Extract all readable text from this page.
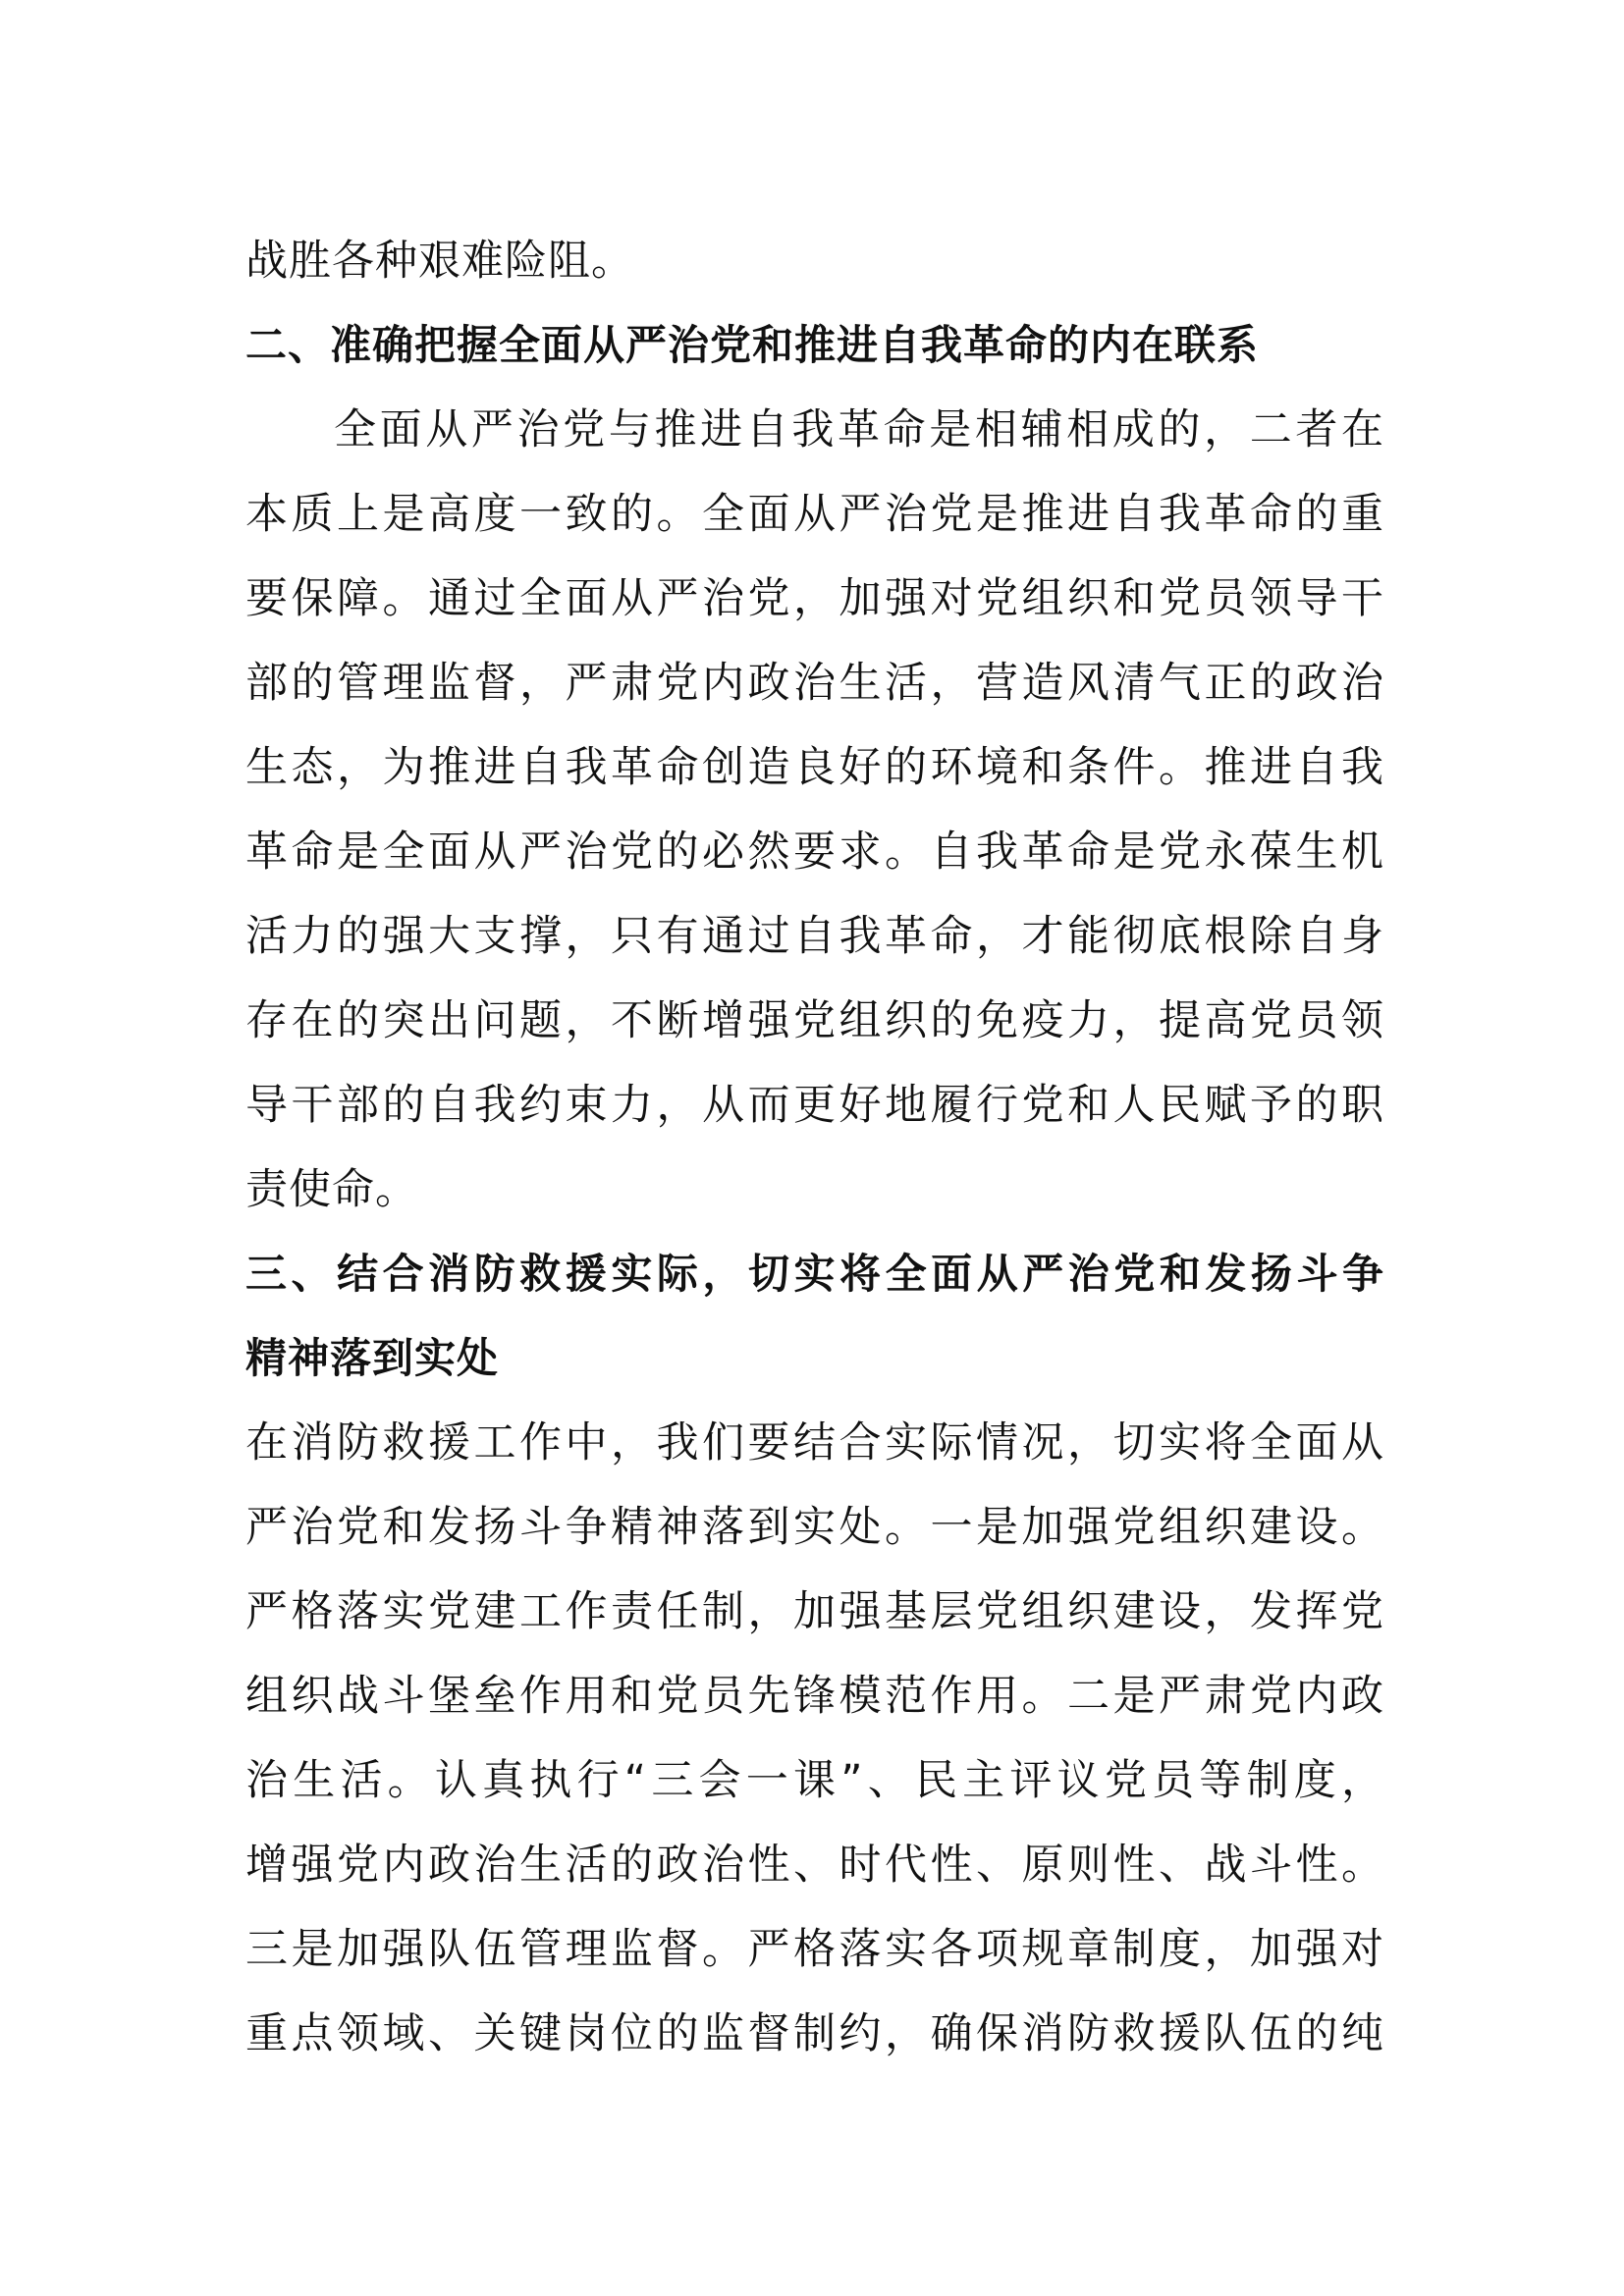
战胜各种艰难险阻。
二、准确把握全面从严治党和推进自我革命的内在联系
全面从严治党与推进自我革命是相辅相成的，二者在
本质上是高度一致的。全面从严治党是推进自我革命的重
要保障。通过全面从严治党，加强对党组织和党员领导干
部的管理监督，严肃党内政治生活，营造风清气正的政治
生态，为推进自我革命创造良好的环境和条件。推进自我
革命是全面从严治党的必然要求。自我革命是党永葆生机
活力的强大支撑，只有通过自我革命，才能彻底根除自身
存在的突出问题，不断增强党组织的免疫力，提高党员领
导干部的自我约束力，从而更好地履行党和人民赋予的职
责使命。
三、结合消防救援实际，切实将全面从严治党和发扬斗争
精神落到实处
在消防救援工作中，我们要结合实际情况，切实将全面从
严治党和发扬斗争精神落到实处。一是加强党组织建设。
严格落实党建工作责任制，加强基层党组织建设，发挥党
组织战斗堡垒作用和党员先锋模范作用。二是严肃党内政
治生活。认真执行“三会一课”、民主评议党员等制度，
增强党内政治生活的政治性、时代性、原则性、战斗性。
三是加强队伍管理监督。严格落实各项规章制度，加强对
重点领域、关键岗位的监督制约，确保消防救援队伍的纯
